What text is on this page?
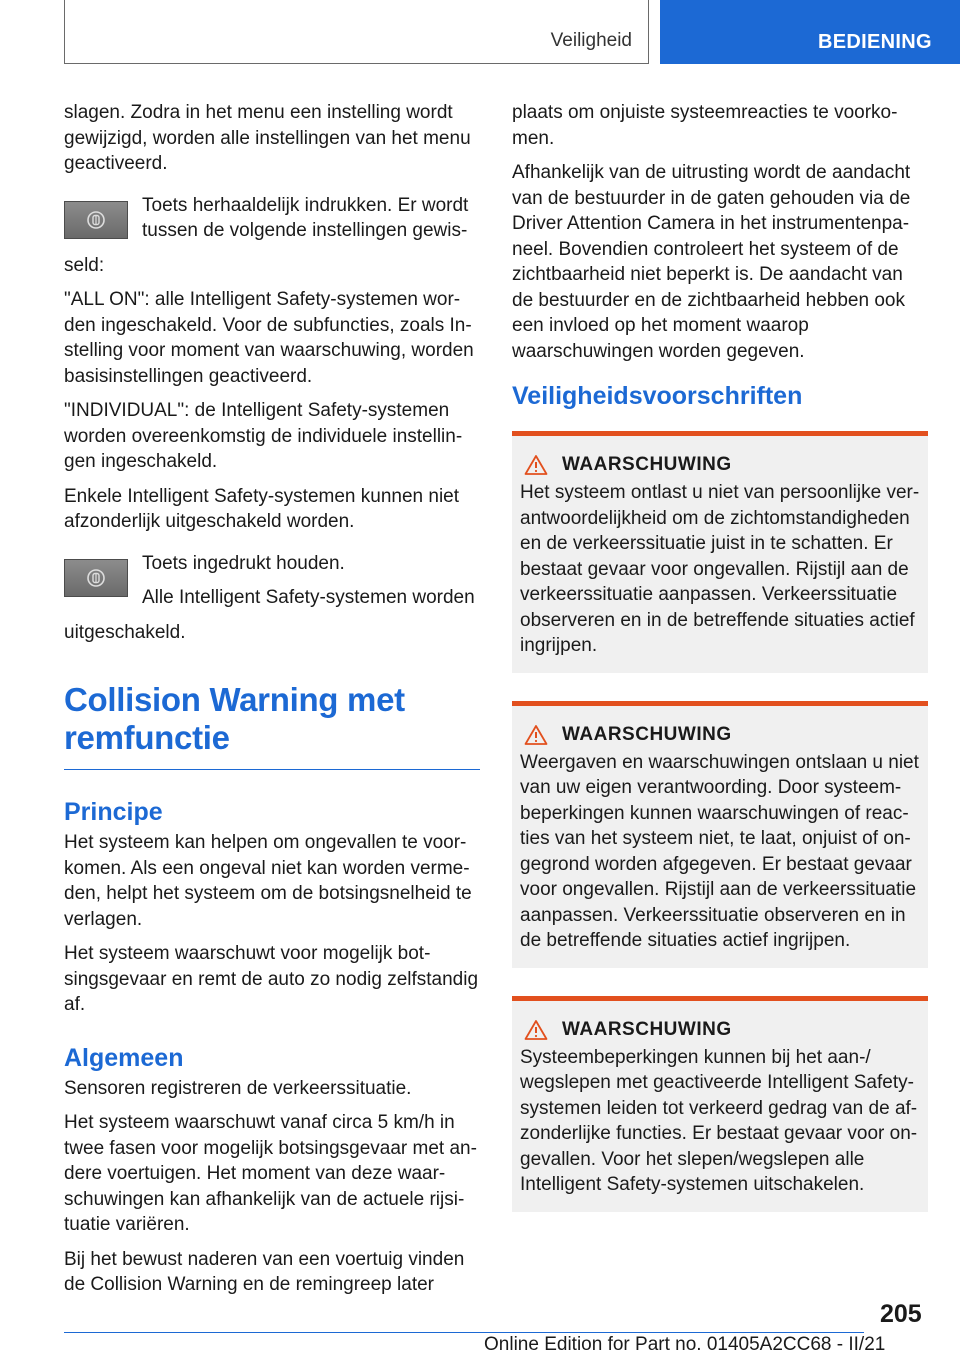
Veiligheid	BEDIENING

slagen. Zodra in het menu een instelling wordt gewijzigd, worden alle instellingen van het menu geactiveerd.

Toets herhaaldelijk indrukken. Er wordt tussen de volgende instellingen gewis-

seld:

"ALL ON": alle Intelligent Safety-systemen wor-den ingeschakeld. Voor de subfuncties, zoals In-stelling voor moment van waarschuwing, worden basisinstellingen geactiveerd.

"INDIVIDUAL": de Intelligent Safety-systemen worden overeenkomstig de individuele instellin-gen ingeschakeld.

Enkele Intelligent Safety-systemen kunnen niet afzonderlijk uitgeschakeld worden.

Toets ingedrukt houden.

Alle Intelligent Safety-systemen worden

uitgeschakeld.

Collision Warning met remfunctie
Principe

Het systeem kan helpen om ongevallen te voor-komen. Als een ongeval niet kan worden verme-den, helpt het systeem om de botsingsnelheid te verlagen.

Het systeem waarschuwt voor mogelijk bot-singsgevaar en remt de auto zo nodig zelfstandig af.

Algemeen

Sensoren registreren de verkeerssituatie.

Het systeem waarschuwt vanaf circa 5 km/h in twee fasen voor mogelijk botsingsgevaar met an-dere voertuigen. Het moment van deze waar-schuwingen kan afhankelijk van de actuele rijsi-tuatie variëren.

Bij het bewust naderen van een voertuig vinden de Collision Warning en de remingreep later

plaats om onjuiste systeemreacties te voorko-men.

Afhankelijk van de uitrusting wordt de aandacht van de bestuurder in de gaten gehouden via de Driver Attention Camera in het instrumentenpa-neel. Bovendien controleert het systeem of de zichtbaarheid niet beperkt is. De aandacht van de bestuurder en de zichtbaarheid hebben ook een invloed op het moment waarop waarschuwingen worden gegeven.

Veiligheidsvoorschriften
WAARSCHUWING

Het systeem ontlast u niet van persoonlijke ver-antwoordelijkheid om de zichtomstandigheden en de verkeerssituatie juist in te schatten. Er bestaat gevaar voor ongevallen. Rijstijl aan de verkeerssituatie aanpassen. Verkeerssituatie observeren en in de betreffende situaties actief ingrijpen.

WAARSCHUWING

Weergaven en waarschuwingen ontslaan u niet van uw eigen verantwoording. Door systeem-beperkingen kunnen waarschuwingen of reac-ties van het systeem niet, te laat, onjuist of on-gegrond worden afgegeven. Er bestaat gevaar voor ongevallen. Rijstijl aan de verkeerssituatie aanpassen. Verkeerssituatie observeren en in de betreffende situaties actief ingrijpen.

WAARSCHUWING

Systeembeperkingen kunnen bij het aan-/ wegslepen met geactiveerde Intelligent Safety-systemen leiden tot verkeerd gedrag van de af-zonderlijke functies. Er bestaat gevaar voor on-gevallen. Voor het slepen/wegslepen alle Intelligent Safety-systemen uitschakelen.

205
Online Edition for Part no. 01405A2CC68 - II/21
